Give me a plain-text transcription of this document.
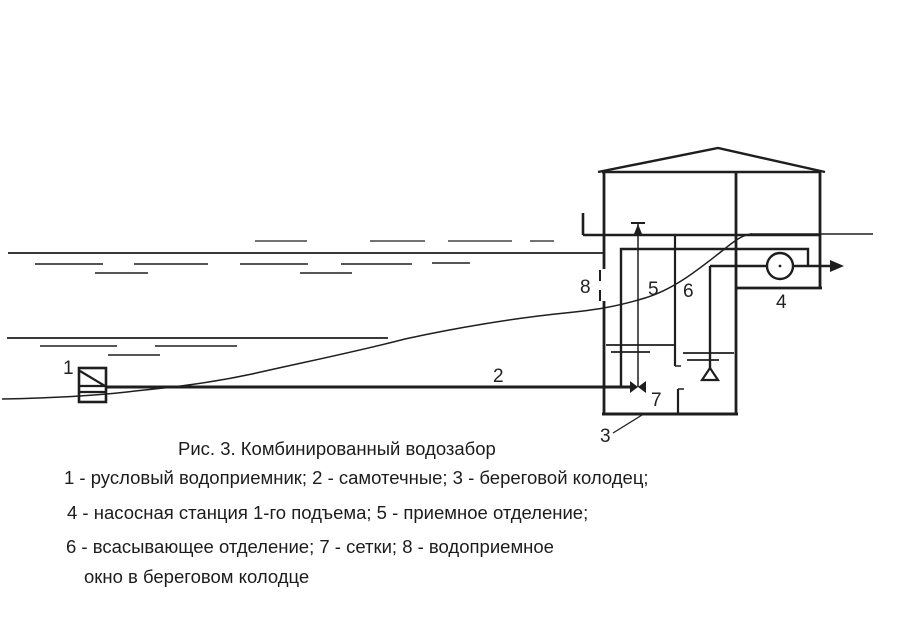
1	2
3
4
5 6
7
8
Рис. 3. Комбинированный водозабор
1 - русловый водоприемник; 2 - самотечные; 3 - береговой колодец;
4 - насосная станция 1-го подъема; 5 - приемное отделение;
6 - всасывающее отделение; 7 - сетки; 8 - водоприемное
окно в береговом колодце
